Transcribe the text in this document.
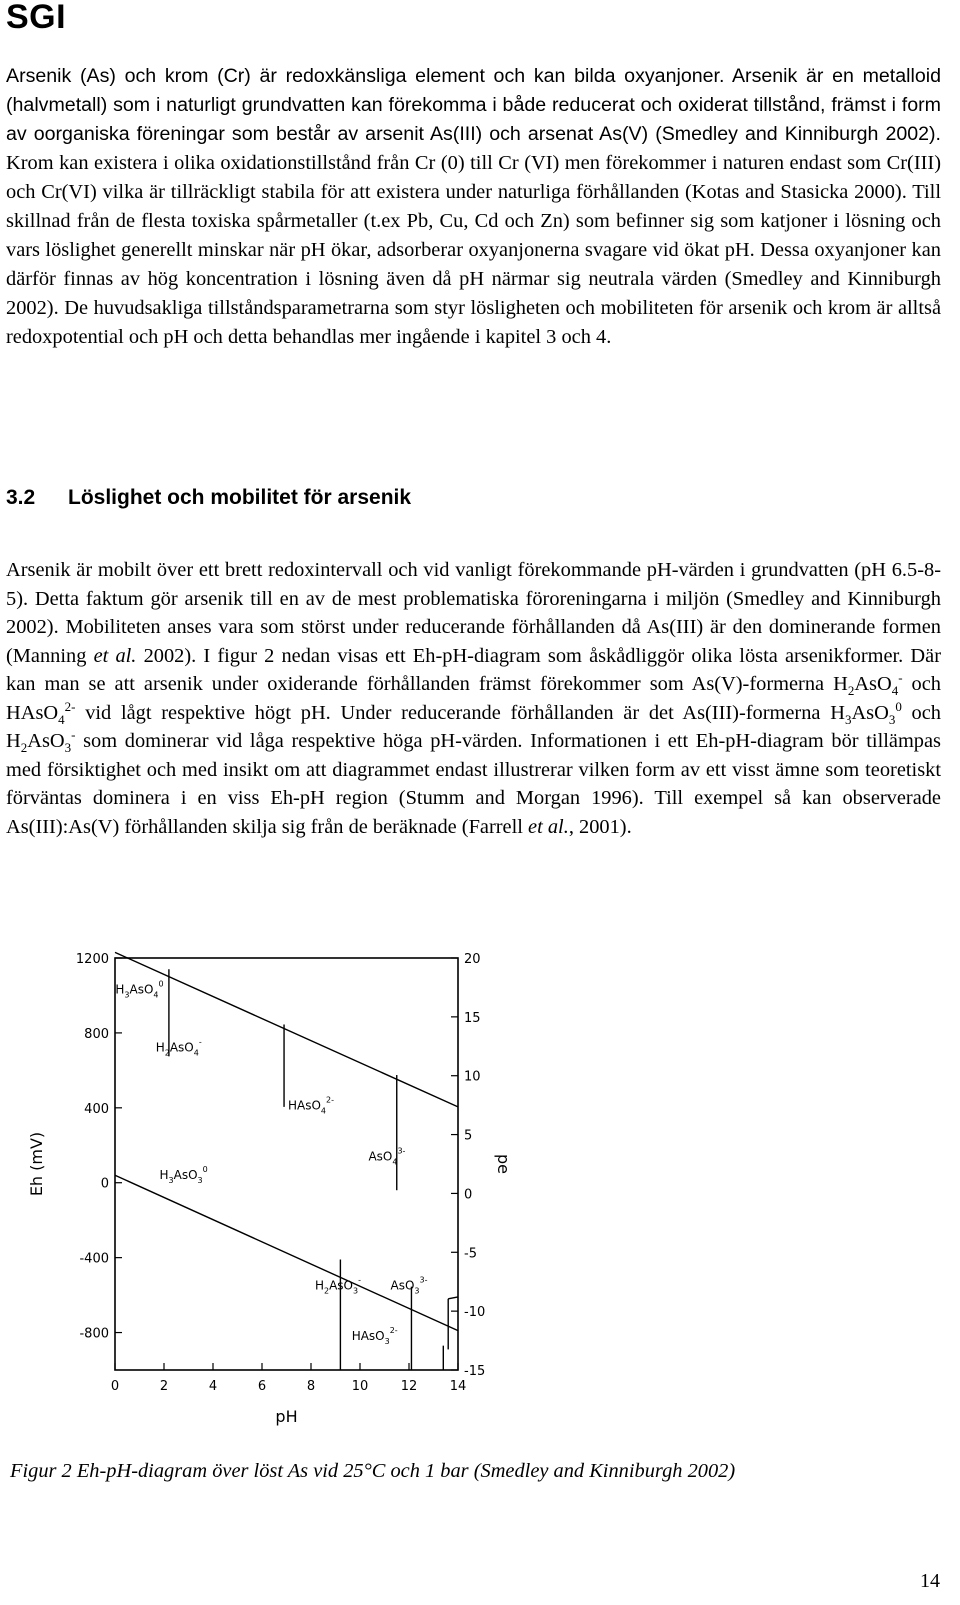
SGI

Arsenik (As) och krom (Cr) är redoxkänsliga element och kan bilda oxyanjoner. Arsenik är en metalloid (halvmetall) som i naturligt grundvatten kan förekomma i både reducerat och oxiderat tillstånd, främst i form av oorganiska föreningar som består av arsenit As(III) och arsenat As(V) (Smedley and Kinniburgh 2002). Krom kan existera i olika oxidationstillstånd från Cr (0) till Cr (VI) men förekommer i naturen endast som Cr(III) och Cr(VI) vilka är tillräckligt stabila för att existera under naturliga förhållanden (Kotas and Stasicka 2000). Till skillnad från de flesta toxiska spårmetaller (t.ex Pb, Cu, Cd och Zn) som befinner sig som katjoner i lösning och vars löslighet generellt minskar när pH ökar, adsorberar oxyanjonerna svagare vid ökat pH. Dessa oxyanjoner kan därför finnas av hög koncentration i lösning även då pH närmar sig neutrala värden (Smedley and Kinniburgh 2002). De huvudsakliga tillståndsparametrarna som styr lösligheten och mobiliteten för arsenik och krom är alltså redoxpotential och pH och detta behandlas mer ingående i kapitel 3 och 4.

3.2 Löslighet och mobilitet för arsenik

Arsenik är mobilt över ett brett redoxintervall och vid vanligt förekommande pH-värden i grundvatten (pH 6.5-8-5). Detta faktum gör arsenik till en av de mest problematiska föroreningarna i miljön (Smedley and Kinniburgh 2002). Mobiliteten anses vara som störst under reducerande förhållanden då As(III) är den dominerande formen (Manning et al. 2002). I figur 2 nedan visas ett Eh-pH-diagram som åskådliggör olika lösta arsenikformer. Där kan man se att arsenik under oxiderande förhållanden främst förekommer som As(V)-formerna $H_2AsO_4^-$ och HAsO$_4^{2-}$ vid lågt respektive högt pH. Under reducerande förhållanden är det As(III)-formerna $H_3AsO_3^0$ och $H_2AsO_3^-$ som dominerar vid låga respektive höga pH-värden. Informationen i ett Eh-pH-diagram bör tillämpas med försiktighet och med insikt om att diagrammet endast illustrerar vilken form av ett visst ämne som teoretiskt förväntas dominera i en viss Eh-pH region (Stumm and Morgan 1996). Till exempel så kan observerade As(III):As(V) förhållanden skilja sig från de beräknade (Farrell et al., 2001).

1200
800
400
0
-400
-800
20
15
10
5
0
-5
-10
-15
0	2	4	6	8	10 12 14
pH
Eh (mV)	pe
$H_3AsO_4^0$
$H_2AsO_4^-$
HAsO$_4^{2-}$
AsO$_4^{3-}$
$H_3AsO_3^0$
$H_2AsO_3^-$ AsO$_3^{3-}$
HAsO$_3^{2-}$

Figur 2 Eh-pH-diagram över löst As vid 25°C och 1 bar (Smedley and Kinniburgh 2002)

14
